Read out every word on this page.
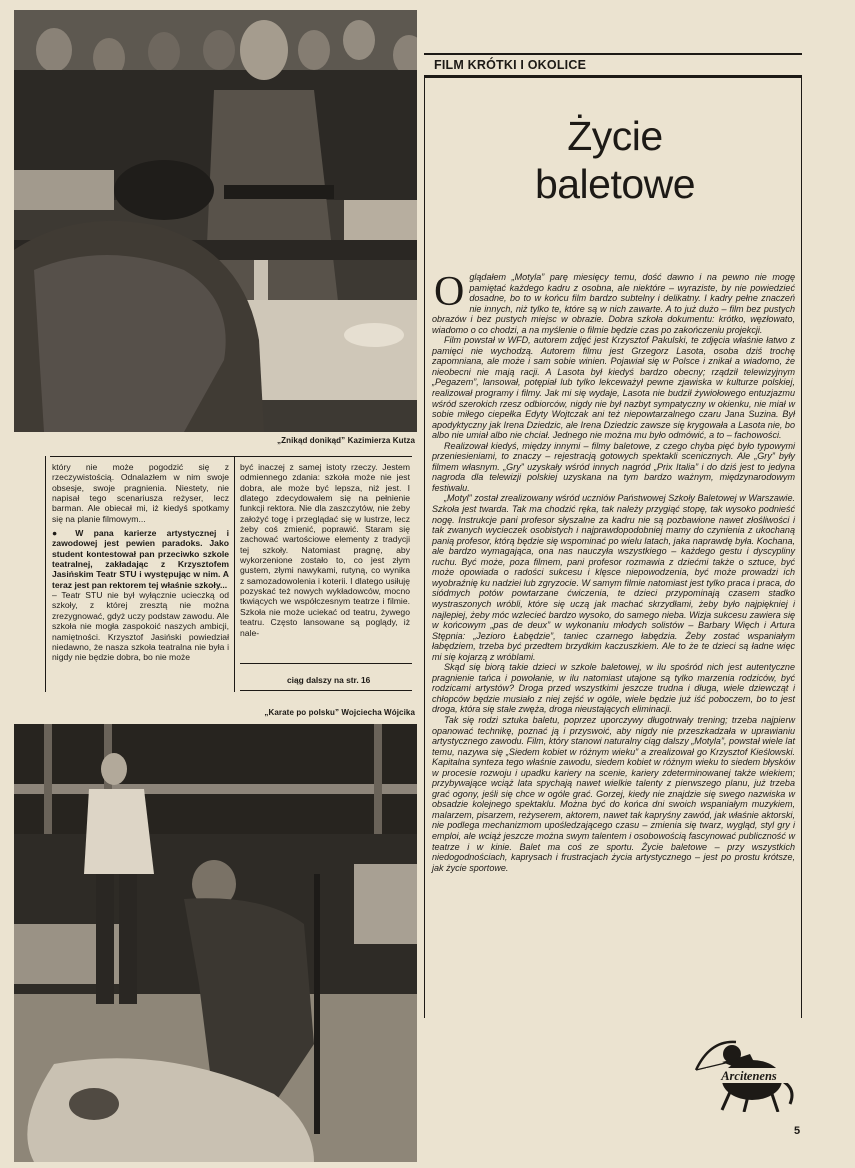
„Znikąd donikąd” Kazimierza Kutza

który nie może pogodzić się z rzeczywistością. Odnalazłem w nim swoje obsesje, swoje pragnienia. Niestety, nie napisał tego scenariusza reżyser, lecz barman. Ale obiecał mi, iż kiedyś spotkamy się na planie filmowym...

● W pana karierze artystycznej i zawodowej jest pewien paradoks. Jako student kontestował pan przeciwko szkole teatralnej, zakładając z Krzysztofem Jasińskim Teatr STU i występując w nim. A teraz jest pan rektorem tej właśnie szkoły...

– Teatr STU nie był wyłącznie ucieczką od szkoły, z której zresztą nie można zrezygnować, gdyż uczy podstaw zawodu. Ale szkoła nie mogła zaspokoić naszych ambicji, namiętności. Krzysztof Jasiński powiedział niedawno, że nasza szkoła teatralna nie była i nigdy nie będzie dobra, bo nie może

być inaczej z samej istoty rzeczy. Jestem odmiennego zdania: szkoła może nie jest dobra, ale może być lepsza, niż jest. I dlatego zdecydowałem się na pełnienie funkcji rektora. Nie dla zaszczytów, nie żeby założyć togę i przeglądać się w lustrze, lecz żeby coś zmienić, poprawić. Staram się zachować wartościowe elementy z tradycji tej szkoły. Natomiast pragnę, aby wykorzenione zostało to, co jest złym gustem, złymi nawykami, rutyną, co wynika z samozadowolenia i koterii. I dlatego usiłuję pozyskać też nowych wykładowców, mocno tkwiących we współczesnym teatrze i filmie. Szkoła nie może uciekać od teatru, żywego teatru. Często lansowane są poglądy, iż nale-

ciąg dalszy na str. 16
„Karate po polsku” Wojciecha Wójcika
FILM KRÓTKI I OKOLICE
Życie
baletowe

Oglądałem „Motyla” parę miesięcy temu, dość dawno i na pewno nie mogę pamiętać każdego kadru z osobna, ale niektóre – wyraziste, by nie powiedzieć dosadne, bo to w końcu film bardzo subtelny i delikatny. I kadry pełne znaczeń nie innych, niż tylko te, które są w nich zawarte. A to już dużo – film bez pustych obrazów i bez pustych miejsc w obrazie. Dobra szkoła dokumentu: krótko, węzłowato, wiadomo o co chodzi, a na myślenie o filmie będzie czas po zakończeniu projekcji.

Film powstał w WFD, autorem zdjęć jest Krzysztof Pakulski, te zdjęcia właśnie łatwo z pamięci nie wychodzą. Autorem filmu jest Grzegorz Lasota, osoba dziś trochę zapomniana, ale może i sam sobie winien. Pojawiał się w Polsce i znikał a wiadomo, że nieobecni nie mają racji. A Lasota był kiedyś bardzo obecny; rządził telewizyjnym „Pegazem”, lansował, potępiał lub tylko lekceważył pewne zjawiska w kulturze polskiej, realizował programy i filmy. Jak mi się wydaje, Lasota nie budził żywiołowego entuzjazmu wśród szerokich rzesz odbiorców, nigdy nie był nazbyt sympatyczny w okienku, nie miał w sobie miłego ciepełka Edyty Wojtczak ani też niepowtarzalnego czaru Jana Suzina. Był apodyktyczny jak Irena Dziedzic, ale Irena Dziedzic zawsze się krygowała a Lasota nie, bo albo nie umiał albo nie chciał. Jednego nie można mu było odmówić, a to – fachowości.

Realizował kiedyś, między innymi – filmy baletowe, z czego chyba pięć było typowymi przeniesieniami, to znaczy – rejestracją gotowych spektakli scenicznych. Ale „Gry” były filmem własnym. „Gry” uzyskały wśród innych nagród „Prix Italia” i do dziś jest to jedyna nagroda dla telewizji polskiej uzyskana na tym bardzo ważnym, międzynarodowym festiwalu.

„Motyl” został zrealizowany wśród uczniów Państwowej Szkoły Baletowej w Warszawie. Szkoła jest twarda. Tak ma chodzić ręka, tak należy przygiąć stopę, tak wysoko podnieść nogę. Instrukcje pani profesor słyszalne za kadru nie są pozbawione nawet złośliwości i tak zwanych wycieczek osobistych i najprawdopodobniej mamy do czynienia z ukochaną panią profesor, którą będzie się wspominać po wielu latach, jaka naprawdę była. Kochana, ale bardzo wymagająca, ona nas nauczyła wszystkiego – każdego gestu i dyscypliny ruchu. Być może, poza filmem, pani profesor rozmawia z dziećmi także o sztuce, być może opowiada o radości sukcesu i klęsce niepowodzenia, być może prowadzi ich wyobraźnię ku nadziei lub zgryzocie. W samym filmie natomiast jest tylko praca i praca, do siódmych potów powtarzane ćwiczenia, te dzieci przypominają czasem stadko wystraszonych wróbli, które się uczą jak machać skrzydłami, żeby było najpiękniej i najlepiej, żeby móc wzlecieć bardzo wysoko, do samego nieba. Wizja sukcesu zawiera się w końcowym „pas de deux” w wykonaniu młodych solistów – Barbary Więch i Artura Stępnia: „Jezioro Łabędzie”, taniec czarnego łabędzia. Żeby zostać wspaniałym łabędziem, trzeba być przedtem brzydkim kaczuszkiem. Ale to że te dzieci są ładne więc mi się kojarzą z wróblami.

Skąd się biorą takie dzieci w szkole baletowej, w ilu spośród nich jest autentyczne pragnienie tańca i powołanie, w ilu natomiast utajone są tylko marzenia rodziców, być rodzicami artystów? Droga przed wszystkimi jeszcze trudna i długa, wiele dziewcząt i chłopców będzie musiało z niej zejść w ogóle, wiele będzie już iść poboczem, bo to jest droga, która się stale zwęża, droga nieustających eliminacji.

Tak się rodzi sztuka baletu, poprzez uporczywy długotrwały trening; trzeba najpierw opanować technikę, poznać ją i przyswoić, aby nigdy nie przeszkadzała w uprawianiu artystycznego zawodu. Film, który stanowi naturalny ciąg dalszy „Motyla”, powstał wiele lat temu, nazywa się „Siedem kobiet w różnym wieku” a zrealizował go Krzysztof Kieślowski. Kapitalna synteza tego właśnie zawodu, siedem kobiet w różnym wieku to siedem błysków w procesie rozwoju i upadku kariery na scenie, kariery zdeterminowanej także wiekiem; przybywające wciąż lata spychają nawet wielkie talenty z pierwszego planu, już trzeba grać ogony, jeśli się chce w ogóle grać. Gorzej, kiedy nie znajdzie się swego nazwiska w obsadzie kolejnego spektaklu. Można być do końca dni swoich wspaniałym muzykiem, malarzem, pisarzem, reżyserem, aktorem, nawet tak kapryśny zawód, jak właśnie aktorski, nie podlega mechanizmom upośledzającego czasu – zmienia się twarz, wygląd, styl gry i emploi, ale wciąż jeszcze można swym talentem i osobowością fascynować publiczność w teatrze i w kinie. Balet ma coś ze sportu. Życie baletowe – przy wszystkich niedogodnościach, kaprysach i frustracjach życia artystycznego – jest po prostu krótsze, jak życie sportowe.

Arcitenens
5
